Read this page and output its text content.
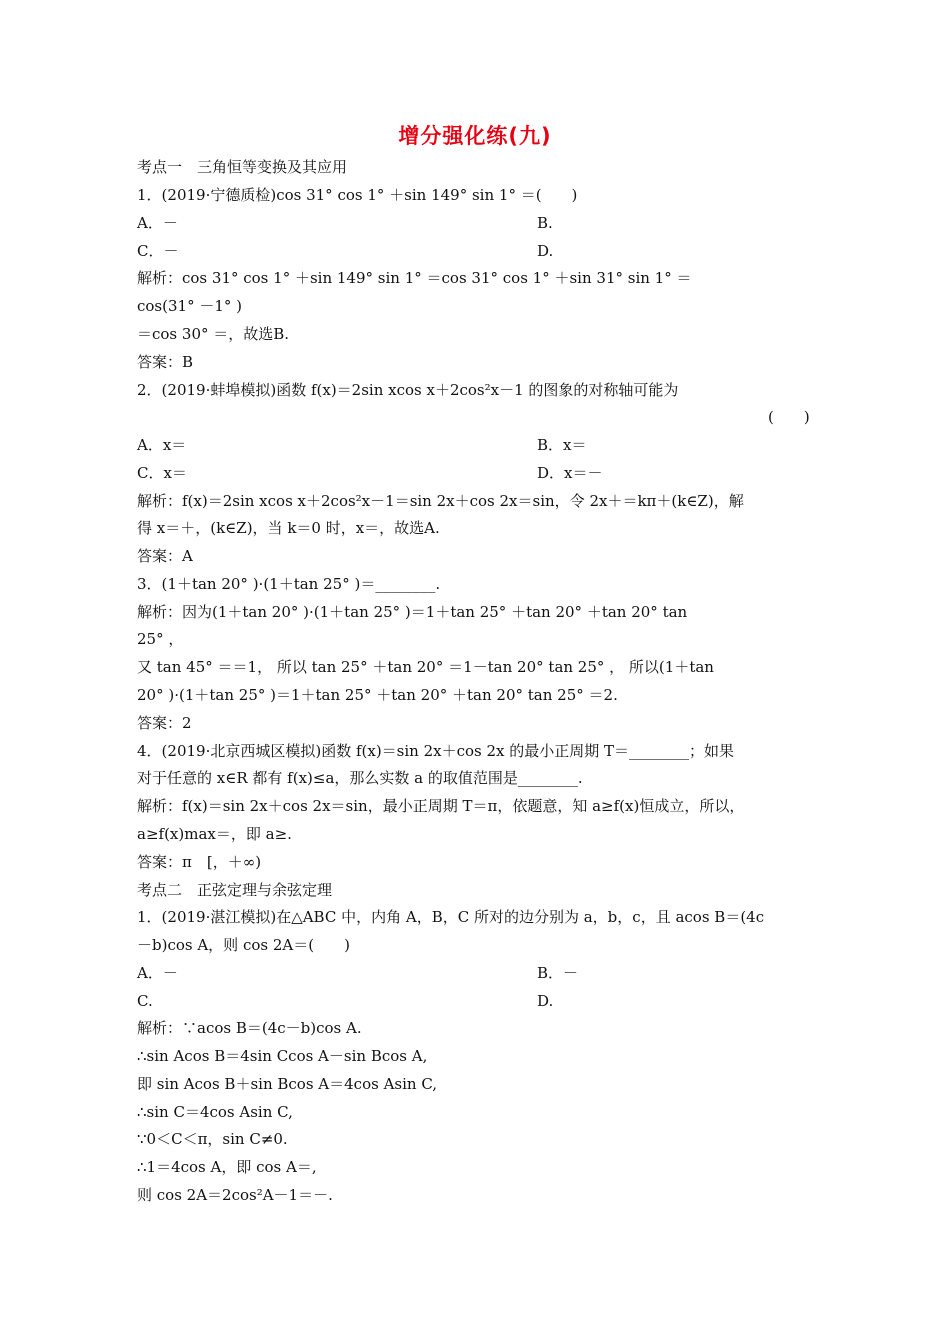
增分强化练(九)
考点一　三角恒等变换及其应用
1．(2019·宁德质检)cos 31° cos 1° ＋sin 149° sin 1° ＝(　　)
A．－	B.
C．－	D.
解析：cos 31° cos 1° ＋sin 149° sin 1° ＝cos 31° cos 1° ＋sin 31° sin 1° ＝
cos(31° －1° )
＝cos 30° ＝，故选B.
答案：B
2．(2019·蚌埠模拟)函数 f(x)＝2sin xcos x＋2cos²x－1 的图象的对称轴可能为
(　　)
A．x＝	B．x＝
C．x＝	D．x＝－
解析：f(x)＝2sin xcos x＋2cos²x－1＝sin 2x＋cos 2x＝sin，令 2x＋＝kπ＋(k∈Z)，解
得 x＝＋，(k∈Z)，当 k＝0 时，x＝，故选A.
答案：A
3．(1＋tan 20° )·(1＋tan 25° )＝________.
解析：因为(1＋tan 20° )·(1＋tan 25° )＝1＋tan 25° ＋tan 20° ＋tan 20° tan
25° ，
又 tan 45° ＝＝1， 所以 tan 25° ＋tan 20° ＝1－tan 20° tan 25° ， 所以(1＋tan
20° )·(1＋tan 25° )＝1＋tan 25° ＋tan 20° ＋tan 20° tan 25° ＝2.
答案：2
4．(2019·北京西城区模拟)函数 f(x)＝sin 2x＋cos 2x 的最小正周期 T＝________；如果
对于任意的 x∈R 都有 f(x)≤a，那么实数 a 的取值范围是________.
解析：f(x)＝sin 2x＋cos 2x＝sin，最小正周期 T＝π，依题意，知 a≥f(x)恒成立，所以，
a≥f(x)max＝，即 a≥.
答案：π　[，＋∞)
考点二　正弦定理与余弦定理
1．(2019·湛江模拟)在△ABC 中，内角 A，B，C 所对的边分别为 a，b，c，且 acos B＝(4c
－b)cos A，则 cos 2A＝(　　)
A．－	B．－
C.	D.
解析：∵acos B＝(4c－b)cos A.
∴sin Acos B＝4sin Ccos A－sin Bcos A,
即 sin Acos B＋sin Bcos A＝4cos Asin C,
∴sin C＝4cos Asin C,
∵0＜C＜π，sin C≠0.
∴1＝4cos A，即 cos A＝,
则 cos 2A＝2cos²A－1＝－.
